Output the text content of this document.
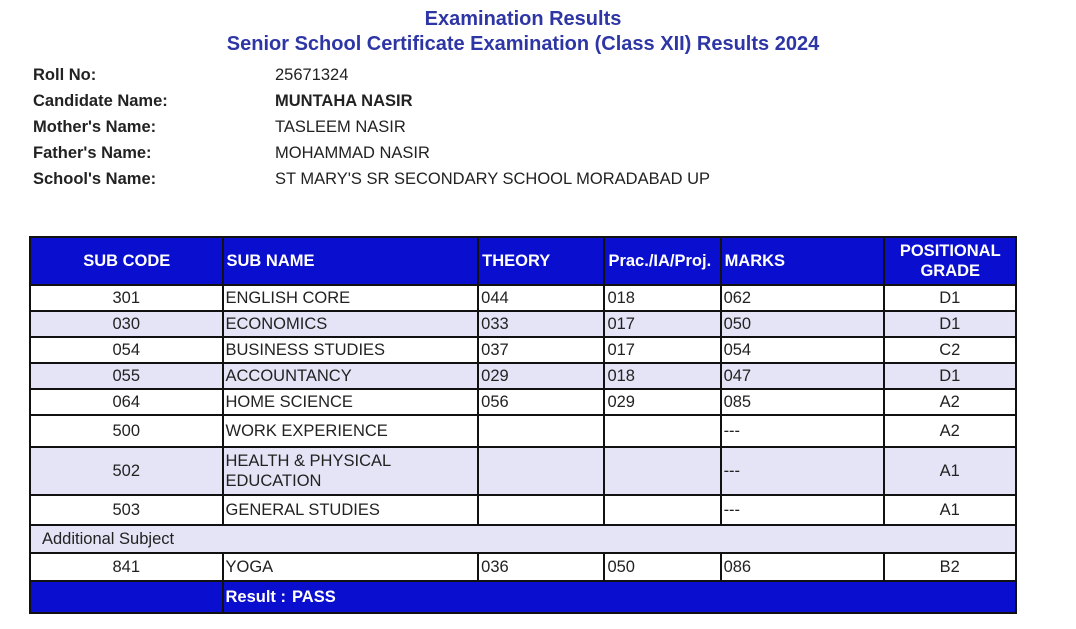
Examination Results
Senior School Certificate Examination (Class XII) Results 2024
Roll No:	25671324
Candidate Name:	MUNTAHA NASIR
Mother's Name:	TASLEEM NASIR
Father's Name:	MOHAMMAD NASIR
School's Name:	ST MARY'S SR SECONDARY SCHOOL MORADABAD UP
SUB CODE	SUB NAME	THEORY	Prac./IA/Proj.	MARKS	POSITIONAL
GRADE

301	ENGLISH CORE	044	018	062	D1
030	ECONOMICS	033	017	050	D1
054	BUSINESS STUDIES	037	017	054	C2
055	ACCOUNTANCY	029	018	047	D1
064	HOME SCIENCE	056	029	085	A2
500	WORK EXPERIENCE			---	A2
502	HEALTH & PHYSICAL EDUCATION			---	A1
503	GENERAL STUDIES			---	A1
Additional Subject					
841	YOGA	036	050	086	B2

	Result : PASS				
